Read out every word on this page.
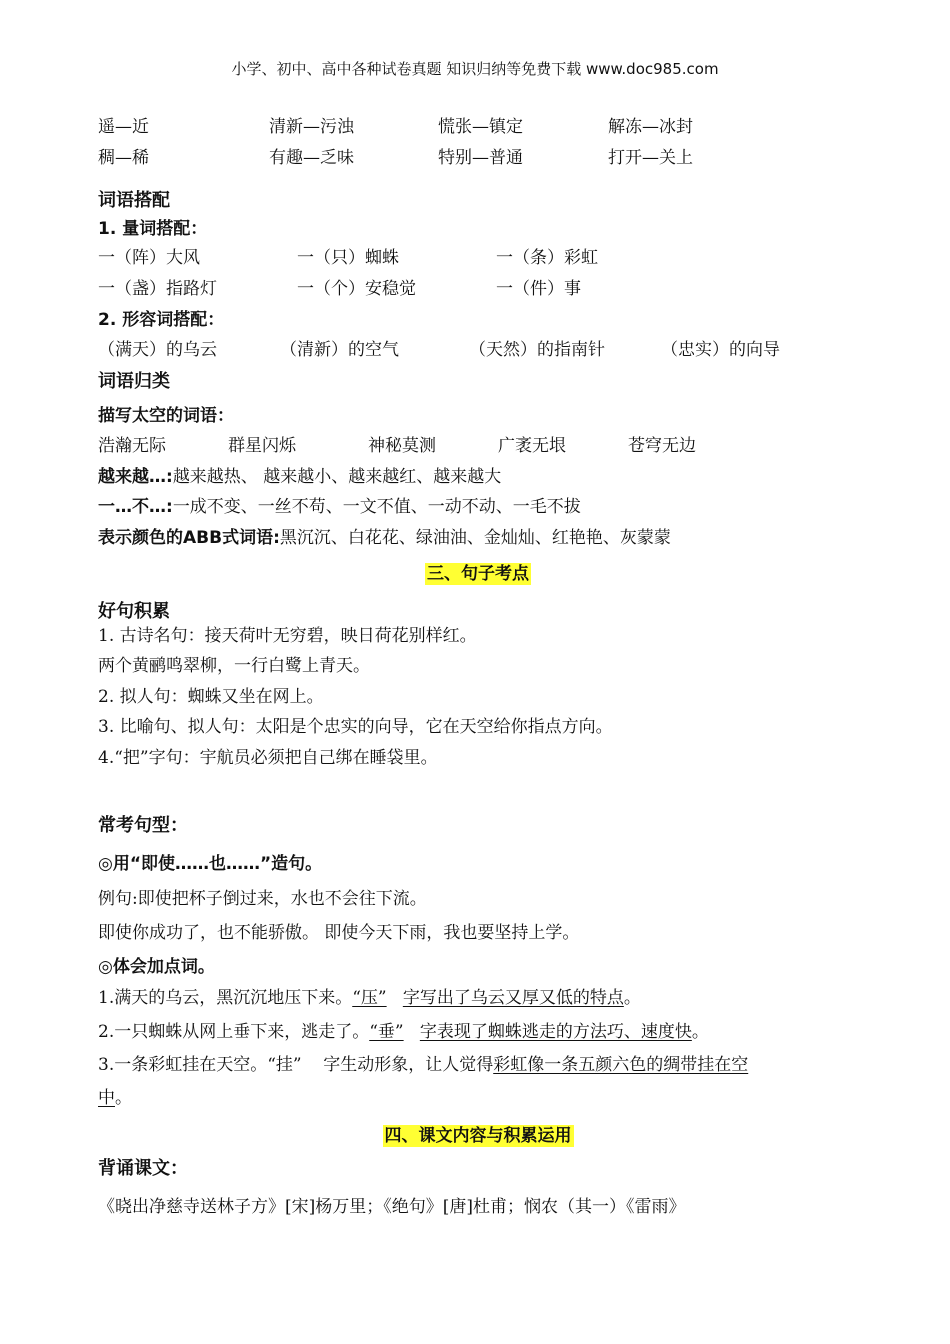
小学、初中、高中各种试卷真题 知识归纳等免费下载 www.doc985.com
遥—近	清新—污浊	慌张—镇定	解冻—冰封
稠—稀	有趣—乏味	特别—普通	打开—关上
词语搭配
1. 量词搭配：
一（阵）大风	一（只）蜘蛛	一（条）彩虹
一（盏）指路灯	一（个）安稳觉	一（件）事
2. 形容词搭配：
（满天）的乌云	（清新）的空气	（天然）的指南针	（忠实）的向导
词语归类
描写太空的词语：
浩瀚无际	群星闪烁	神秘莫测	广袤无垠	苍穹无边
越来越…:越来越热、 越来越小、越来越红、越来越大
一…不…:一成不变、一丝不苟、一文不值、一动不动、一毛不拔
表示颜色的ABB式词语:黑沉沉、白花花、绿油油、金灿灿、红艳艳、灰蒙蒙
三、句子考点
好句积累
1. 古诗名句：接天荷叶无穷碧，映日荷花别样红。
两个黄鹂鸣翠柳，一行白鹭上青天。
2. 拟人句：蜘蛛又坐在网上。
3. 比喻句、拟人句：太阳是个忠实的向导，它在天空给你指点方向。
4.“把”字句：宇航员必须把自己绑在睡袋里。
常考句型：
◎用“即使……也……”造句。
例句:即使把杯子倒过来，水也不会往下流。
即使你成功了，也不能骄傲。 即使今天下雨，我也要坚持上学。
◎体会加点词。
1.满天的乌云，黑沉沉地压下来。“压” 字写出了乌云又厚又低的特点。
2.一只蜘蛛从网上垂下来，逃走了。“垂” 字表现了蜘蛛逃走的方法巧、速度快。
3.一条彩虹挂在天空。“挂”    字生动形象，让人觉得彩虹像一条五颜六色的绸带挂在空
中。
四、课文内容与积累运用
背诵课文：
《晓出净慈寺送林子方》[宋]杨万里；《绝句》[唐]杜甫；悯农（其一）《雷雨》
